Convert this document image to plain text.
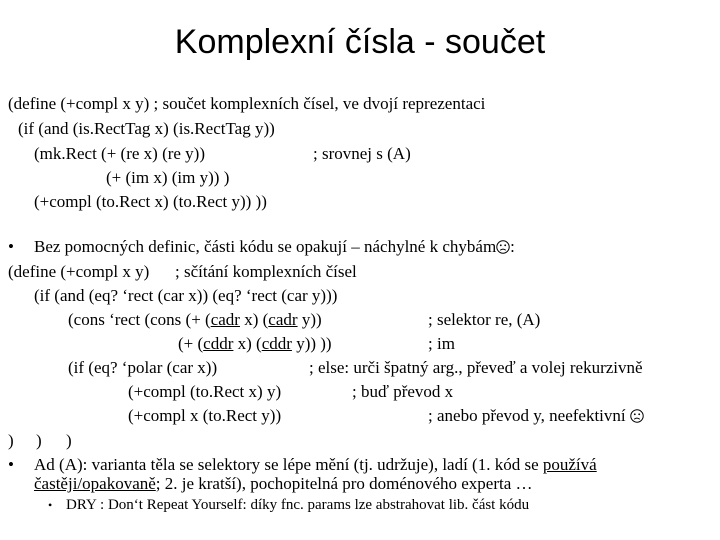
Komplexní čísla - součet
(define (+compl x y) ; součet komplexních čísel, ve dvojí reprezentaci
(if (and (is.RectTag x) (is.RectTag y))
(mk.Rect (+ (re x) (re y))	; srovnej s (A)
(+ (im x) (im y)) )
(+compl (to.Rect x) (to.Rect y)) ))
• Bez pomocných definic, části kódu se opakují – náchylné k chybám :
(define (+compl x y) ; sčítání komplexních čísel
(if (and (eq? ‘rect (car x)) (eq? ‘rect (car y)))
(cons ‘rect (cons (+ (cadr x) (cadr y))	; selektor re, (A)
(+ (cddr x) (cddr y)) ))	; im
(if (eq? ‘polar (car x))	; else: urči špatný arg., převeď a volej rekurzivně
(+compl (to.Rect x) y)	; buď převod x
(+compl x (to.Rect y))	; anebo převod y, neefektivní
) ) )
• Ad (A): varianta těla se selektory se lépe mění (tj. udržuje), ladí (1. kód se používá
častěji/opakovaně; 2. je kratší), pochopitelná pro doménového experta …
• DRY : Don‘t Repeat Yourself: díky fnc. params lze abstrahovat lib. část kódu
